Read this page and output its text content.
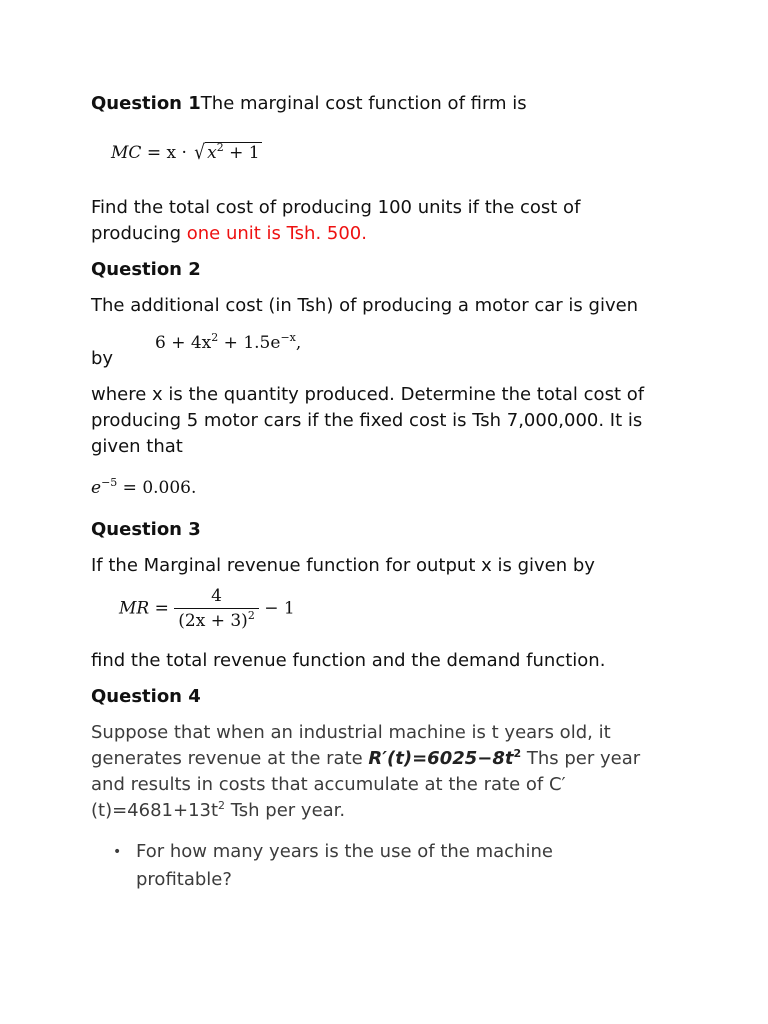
Question 1The marginal cost function of firm is

MC = x · √ $x^2 + 1$

Find the total cost of producing 100 units if the cost of

producing one unit is Tsh. 500.

Question 2

The additional cost (in Tsh) of producing a motor car is given

$6 + 4x^2 + 1.5e^{-x}$,

by

where x is the quantity produced. Determine the total cost of

producing 5 motor cars if the fixed cost is Tsh 7,000,000. It is

given that

$e^{-5} = 0.006$.

Question 3

If the Marginal revenue function for output x is given by

MR = $\frac{4}{(2x + 3)^2} - 1$

find the total revenue function and the demand function.

Question 4

Suppose that when an industrial machine is t years old, it

generates revenue at the rate $R'(t)=6025-8t^2$ Ths per year

and results in costs that accumulate at the rate of C′

$(t)=4681+13t^2$ Tsh per year.

• For how many years is the use of the machine
profitable?
